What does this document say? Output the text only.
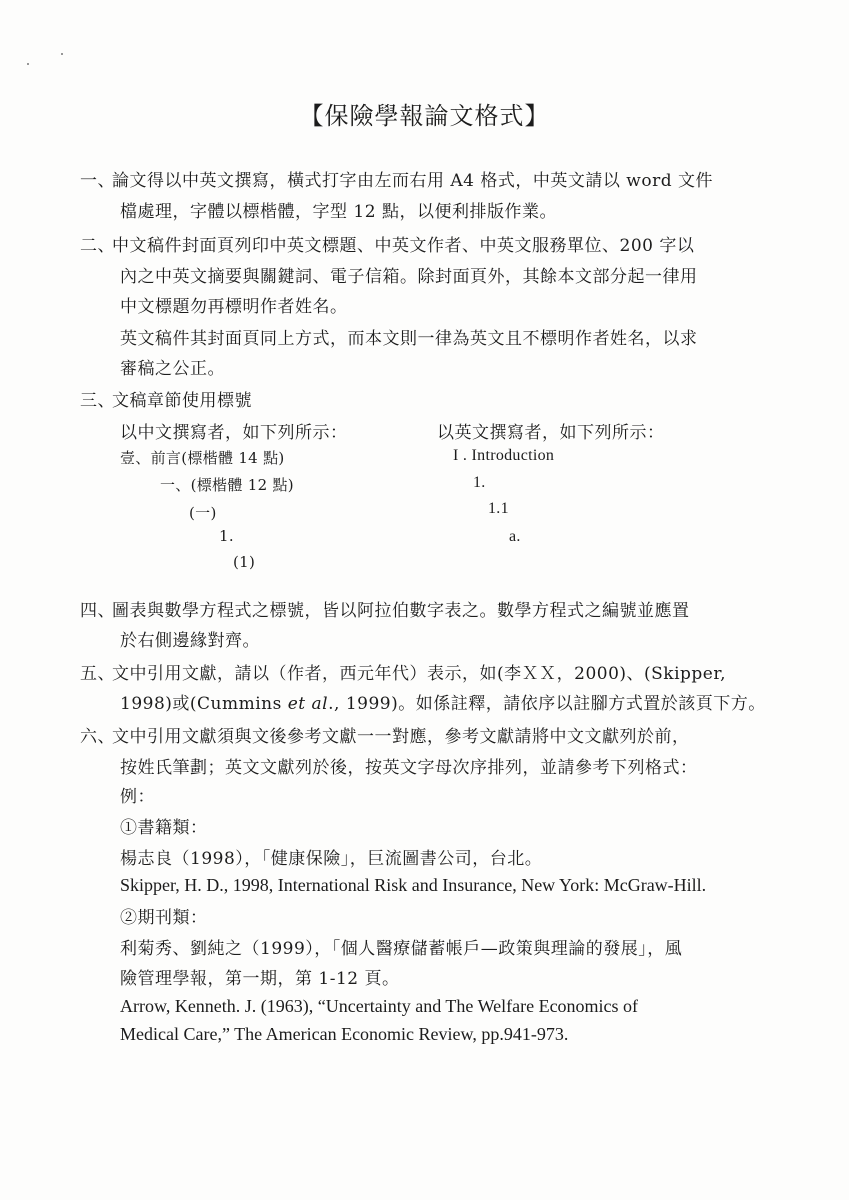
【保險學報論文格式】
一、
論文得以中英文撰寫，橫式打字由左而右用 A4 格式，中英文請以 word 文件
檔處理，字體以標楷體，字型 12 點，以便利排版作業。
二、
中文稿件封面頁列印中英文標題、中英文作者、中英文服務單位、200 字以
內之中英文摘要與關鍵詞、電子信箱。除封面頁外，其餘本文部分起一律用
中文標題勿再標明作者姓名。
英文稿件其封面頁同上方式，而本文則一律為英文且不標明作者姓名，以求
審稿之公正。
三、
文稿章節使用標號
以中文撰寫者，如下列所示：	以英文撰寫者，如下列所示：
壹、前言(標楷體 14 點)
一、(標楷體 12 點)
(一)
1.
(1)
I . Introduction
1.
1.1
a.
四、
圖表與數學方程式之標號，皆以阿拉伯數字表之。數學方程式之編號並應置
於右側邊緣對齊。
五、
文中引用文獻，請以（作者，西元年代）表示，如(李ＸＸ，2000)、(Skipper,
1998)或(Cummins et al., 1999)。如係註釋，請依序以註腳方式置於該頁下方。
六、
文中引用文獻須與文後參考文獻一一對應，參考文獻請將中文文獻列於前，
按姓氏筆劃；英文文獻列於後，按英文字母次序排列，並請參考下列格式：
例：
①書籍類：
楊志良（1998），「健康保險」，巨流圖書公司，台北。
Skipper, H. D., 1998, International Risk and Insurance, New York: McGraw-Hill.
②期刊類：
利菊秀、劉純之（1999），「個人醫療儲蓄帳戶—政策與理論的發展」，風
險管理學報，第一期，第 1-12 頁。
Arrow, Kenneth. J. (1963), “Uncertainty and The Welfare Economics of
Medical Care,” The American Economic Review, pp.941-973.
